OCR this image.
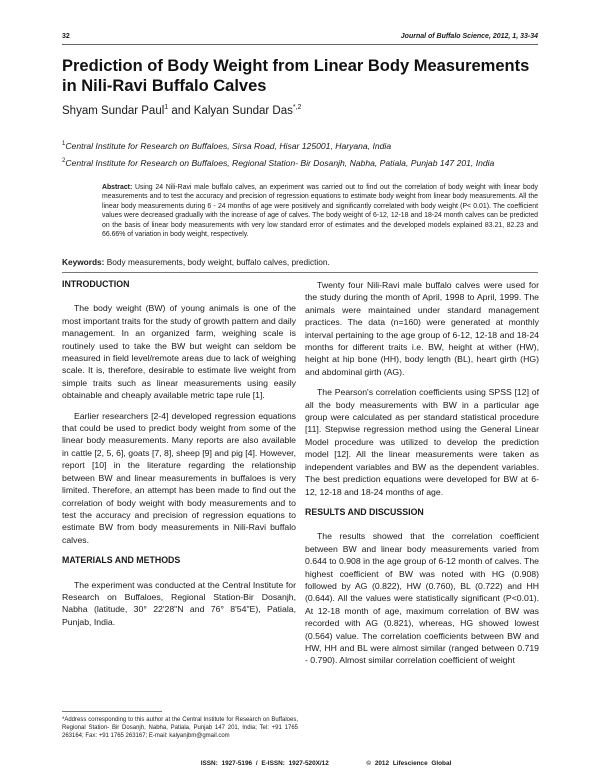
32	Journal of Buffalo Science, 2012, 1, 33-34
Prediction of Body Weight from Linear Body Measurements in Nili-Ravi Buffalo Calves
Shyam Sundar Paul$^1$ and Kalyan Sundar Das$^{*,2}$
$^1$Central Institute for Research on Buffaloes, Sirsa Road, Hisar 125001, Haryana, India
$^2$Central Institute for Research on Buffaloes, Regional Station- Bir Dosanjh, Nabha, Patiala, Punjab 147 201, India
Abstract: Using 24 Nili-Ravi male buffalo calves, an experiment was carried out to find out the correlation of body weight with linear body measurements and to test the accuracy and precision of regression equations to estimate body weight from linear body measurements. All the linear body measurements during 6 - 24 months of age were positively and significantly correlated with body weight (P< 0.01). The coefficient values were decreased gradually with the increase of age of calves. The body weight of 6-12, 12-18 and 18-24 month calves can be predicted on the basis of linear body measurements with very low standard error of estimates and the developed models explained 83.21, 82.23 and 66.66% of variation in body weight, respectively.
Keywords: Body measurements, body weight, buffalo calves, prediction.
INTRODUCTION

The body weight (BW) of young animals is one of the most important traits for the study of growth pattern and daily management. In an organized farm, weighing scale is routinely used to take the BW but weight can seldom be measured in field level/remote areas due to lack of weighing scale. It is, therefore, desirable to estimate live weight from simple traits such as linear measurements using easily obtainable and cheaply available metric tape rule [1].

Earlier researchers [2-4] developed regression equations that could be used to predict body weight from some of the linear body measurements. Many reports are also available in cattle [2, 5, 6], goats [7, 8], sheep [9] and pig [4]. However, report [10] in the literature regarding the relationship between BW and linear measurements in buffaloes is very limited. Therefore, an attempt has been made to find out the correlation of body weight with body measurements and to test the accuracy and precision of regression equations to estimate BW from body measurements in Nili-Ravi buffalo calves.

MATERIALS AND METHODS

The experiment was conducted at the Central Institute for Research on Buffaloes, Regional Station-Bir Dosanjh, Nabha (latitude, 30° 22'28"N and 76° 8'54"E), Patiala, Punjab, India.

*Address corresponding to this author at the Central Institute for Research on Buffaloes, Regional Station- Bir Dosanjh, Nabha, Patiala, Punjab 147 201, India; Tel: +91 1765 263164; Fax: +91 1765 263167; E-mail: kalyanjbm@gmail.com

Twenty four Nili-Ravi male buffalo calves were used for the study during the month of April, 1998 to April, 1999. The animals were maintained under standard management practices. The data (n=160) were generated at monthly interval pertaining to the age group of 6-12, 12-18 and 18-24 months for different traits i.e. BW, height at wither (HW), height at hip bone (HH), body length (BL), heart girth (HG) and abdominal girth (AG).

The Pearson's correlation coefficients using SPSS [12] of all the body measurements with BW in a particular age group were calculated as per standard statistical procedure [11]. Stepwise regression method using the General Linear Model procedure was utilized to develop the prediction model [12]. All the linear measurements were taken as independent variables and BW as the dependent variables. The best prediction equations were developed for BW at 6-12, 12-18 and 18-24 months of age.

RESULTS AND DISCUSSION

The results showed that the correlation coefficient between BW and linear body measurements varied from 0.644 to 0.908 in the age group of 6-12 month of calves. The highest coefficient of BW was noted with HG (0.908) followed by AG (0.822), HW (0.760), BL (0.722) and HH (0.644). All the values were statistically significant (P<0.01). At 12-18 month of age, maximum correlation of BW was recorded with AG (0.821), whereas, HG showed lowest (0.564) value. The correlation coefficients between BW and HW, HH and BL were almost similar (ranged between 0.719 - 0.790). Almost similar correlation coefficient of weight

ISSN: 1927-5196 / E-ISSN: 1927-520X/12	© 2012 Lifescience Global
